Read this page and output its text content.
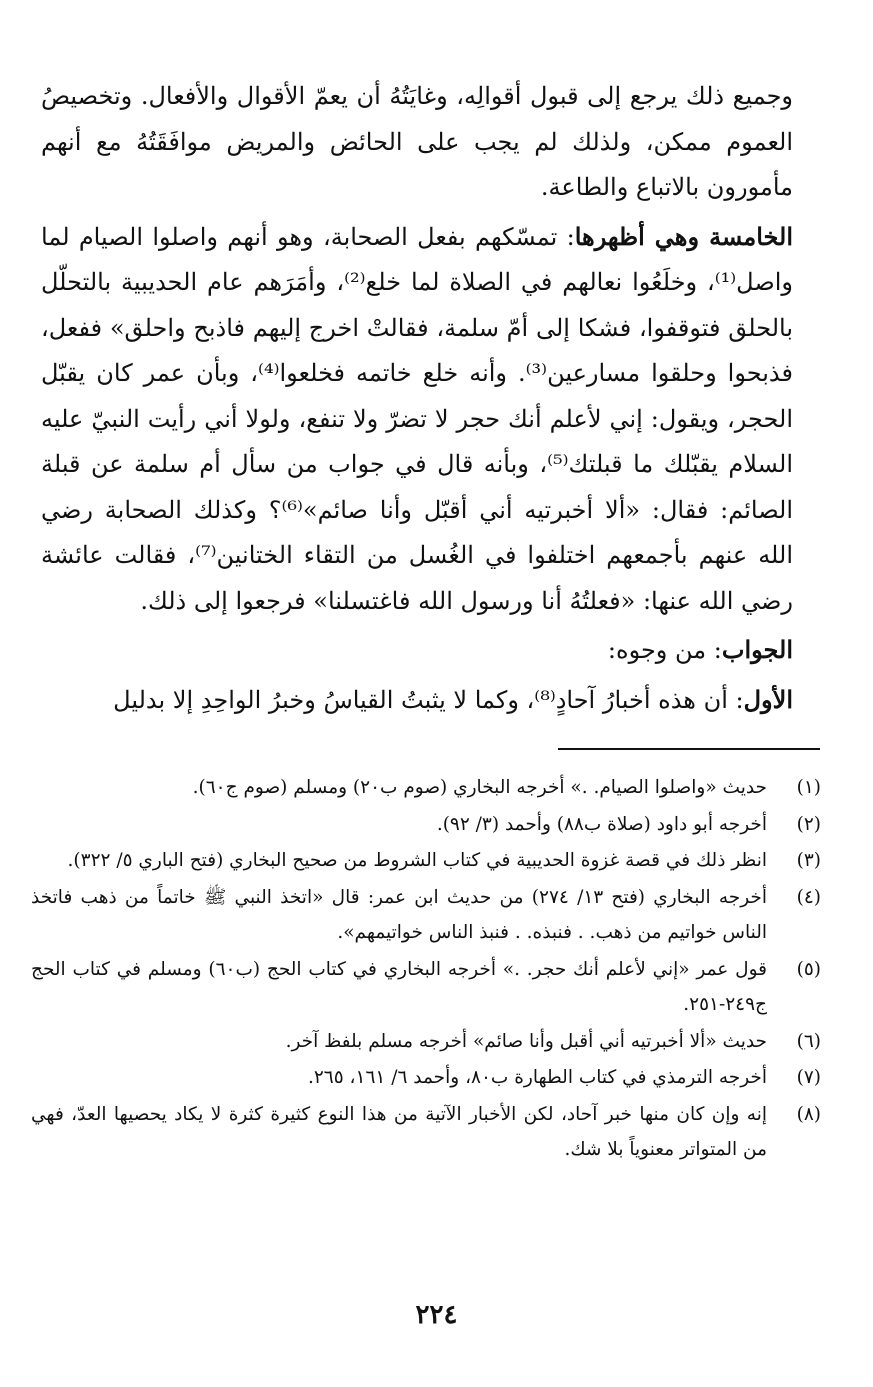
وجميع ذلك يرجع إلى قبول أقوالِه، وغايَتُهُ أن يعمّ الأقوال والأفعال. وتخصيصُ العموم ممكن، ولذلك لم يجب على الحائض والمريض موافَقَتُهُ مع أنهم مأمورون بالاتباع والطاعة.

الخامسة وهي أظهرها: تمسّكهم بفعل الصحابة، وهو أنهم واصلوا الصيام لما واصل⁽¹⁾، وخلَعُوا نعالهم في الصلاة لما خلع⁽²⁾، وأمَرَهم عام الحديبية بالتحلّل بالحلق فتوقفوا، فشكا إلى أمّ سلمة، فقالتْ اخرج إليهم فاذبح واحلق» ففعل، فذبحوا وحلقوا مسارعين⁽³⁾. وأنه خلع خاتمه فخلعوا⁽⁴⁾، وبأن عمر كان يقبّل الحجر، ويقول: إني لأعلم أنك حجر لا تضرّ ولا تنفع، ولولا أني رأيت النبيّ عليه السلام يقبّلك ما قبلتك⁽⁵⁾، وبأنه قال في جواب من سأل أم سلمة عن قبلة الصائم: فقال: «ألا أخبرتيه أني أقبّل وأنا صائم»⁽⁶⁾؟ وكذلك الصحابة رضي الله عنهم بأجمعهم اختلفوا في الغُسل من التقاء الختانين⁽⁷⁾، فقالت عائشة رضي الله عنها: «فعلتُهُ أنا ورسول الله فاغتسلنا» فرجعوا إلى ذلك.

الجواب: من وجوه:

الأول: أن هذه أخبارُ آحادٍ⁽⁸⁾، وكما لا يثبتُ القياسُ وخبرُ الواحِدِ إلا بدليل

(١)
حديث «واصلوا الصيام. .» أخرجه البخاري (صوم ب٢٠) ومسلم (صوم ج٦٠).
(٢)
أخرجه أبو داود (صلاة ب٨٨) وأحمد (٣/ ٩٢).
(٣)
انظر ذلك في قصة غزوة الحديبية في كتاب الشروط من صحيح البخاري (فتح الباري ٥/ ٣٢٢).
(٤)
أخرجه البخاري (فتح ١٣/ ٢٧٤) من حديث ابن عمر: قال «اتخذ النبي ﷺ خاتماً من ذهب فاتخذ الناس خواتيم من ذهب. . فنبذه. . فنبذ الناس خواتيمهم».
(٥)
قول عمر «إني لأعلم أنك حجر. .» أخرجه البخاري في كتاب الحج (ب٦٠) ومسلم في كتاب الحج ج٢٤٩-٢٥١.
(٦)
حديث «ألا أخبرتيه أني أقبل وأنا صائم» أخرجه مسلم بلفظ آخر.
(٧)
أخرجه الترمذي في كتاب الطهارة ب٨٠، وأحمد ٦/ ١٦١، ٢٦٥.
(٨)
إنه وإن كان منها خبر آحاد، لكن الأخبار الآتية من هذا النوع كثيرة كثرة لا يكاد يحصيها العدّ، فهي من المتواتر معنوياً بلا شك.
٢٢٤
